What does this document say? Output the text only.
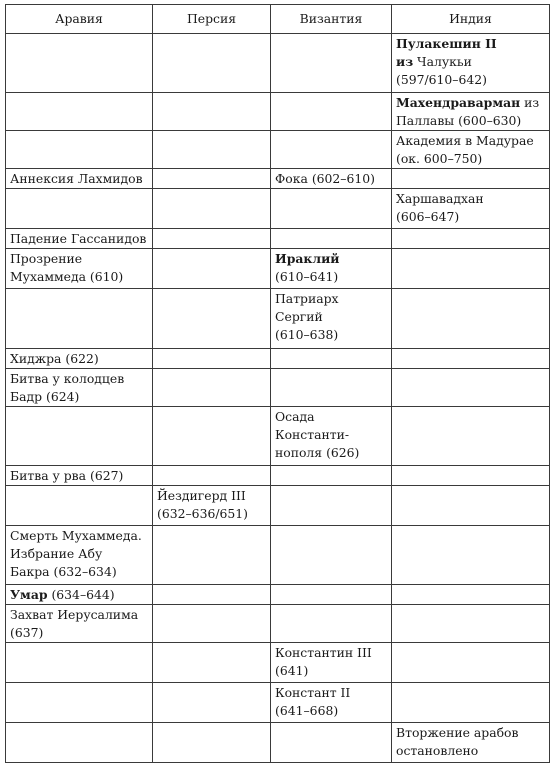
Аравия	Персия	Византия	Индия

			Пулакешин II
из Чалукьи
(597/610–642)

			Махендраварман из
Паллавы (600–630)

			Академия в Мадурае
(ок. 600–750)

Аннексия Лахмидов		Фока (602–610)	

			Харшавадхан
(606–647)

Падение Гассанидов			

Прозрение
Мухаммеда (610)		Ираклий
(610–641)	

		Патриарх
Сергий
(610–638)	

Хиджра (622)			

Битва у колодцев
Бадр (624)			

		Осада
Константи-
нополя (626)	

Битва у рва (627)			

	Йездигерд III
(632–636/651)		

Смерть Мухаммеда.
Избрание Абу
Бакра (632–634)			

Умар (634–644)			

Захват Иерусалима
(637)			

		Константин III
(641)	

		Констант II
(641–668)	

			Вторжение арабов
остановлено
